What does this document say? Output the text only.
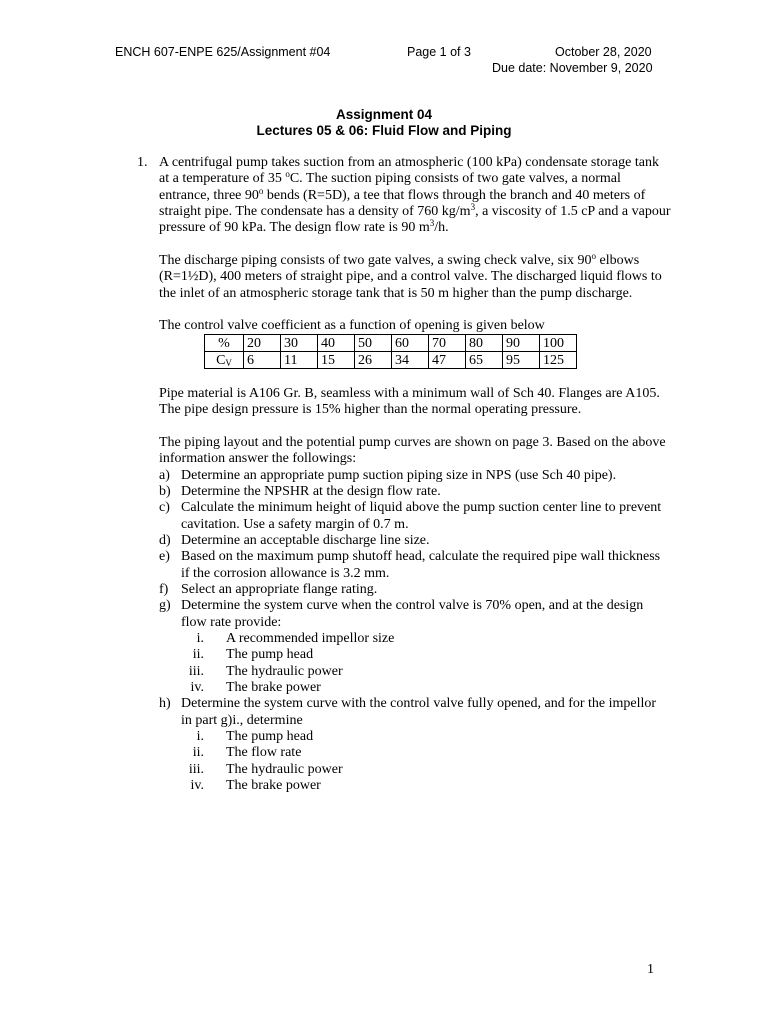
ENCH 607-ENPE 625/Assignment #04	Page 1 of 3	October 28, 2020
Due date: November 9, 2020
Assignment 04
Lectures 05 & 06: Fluid Flow and Piping
1. A centrifugal pump takes suction from an atmospheric (100 kPa) condensate storage tank
at a temperature of 35 $^o$C. The suction piping consists of two gate valves, a normal
entrance, three 90$^o$ bends (R=5D), a tee that flows through the branch and 40 meters of
straight pipe. The condensate has a density of 760 $kg/m^3$, a viscosity of 1.5 cP and a vapour
pressure of 90 kPa. The design flow rate is 90 $m^3/h$.
The discharge piping consists of two gate valves, a swing check valve, six 90$^o$ elbows
(R=1½D), 400 meters of straight pipe, and a control valve. The discharged liquid flows to
the inlet of an atmospheric storage tank that is 50 m higher than the pump discharge.
The control valve coefficient as a function of opening is given below
%	20	30	40	50	60	70	80	90	100
$C_V$	6	11	15	26	34	47	65	95	125
Pipe material is A106 Gr. B, seamless with a minimum wall of Sch 40. Flanges are A105.
The pipe design pressure is 15% higher than the normal operating pressure.
The piping layout and the potential pump curves are shown on page 3. Based on the above
information answer the followings:
a) Determine an appropriate pump suction piping size in NPS (use Sch 40 pipe).
b) Determine the NPSHR at the design flow rate.
c) Calculate the minimum height of liquid above the pump suction center line to prevent
cavitation. Use a safety margin of 0.7 m.
d) Determine an acceptable discharge line size.
e) Based on the maximum pump shutoff head, calculate the required pipe wall thickness
if the corrosion allowance is 3.2 mm.
f) Select an appropriate flange rating.
g) Determine the system curve when the control valve is 70% open, and at the design
flow rate provide:
i. A recommended impellor size
ii. The pump head
iii. The hydraulic power
iv. The brake power
h) Determine the system curve with the control valve fully opened, and for the impellor
in part g)i., determine
i. The pump head
ii. The flow rate
iii. The hydraulic power
iv. The brake power
1
